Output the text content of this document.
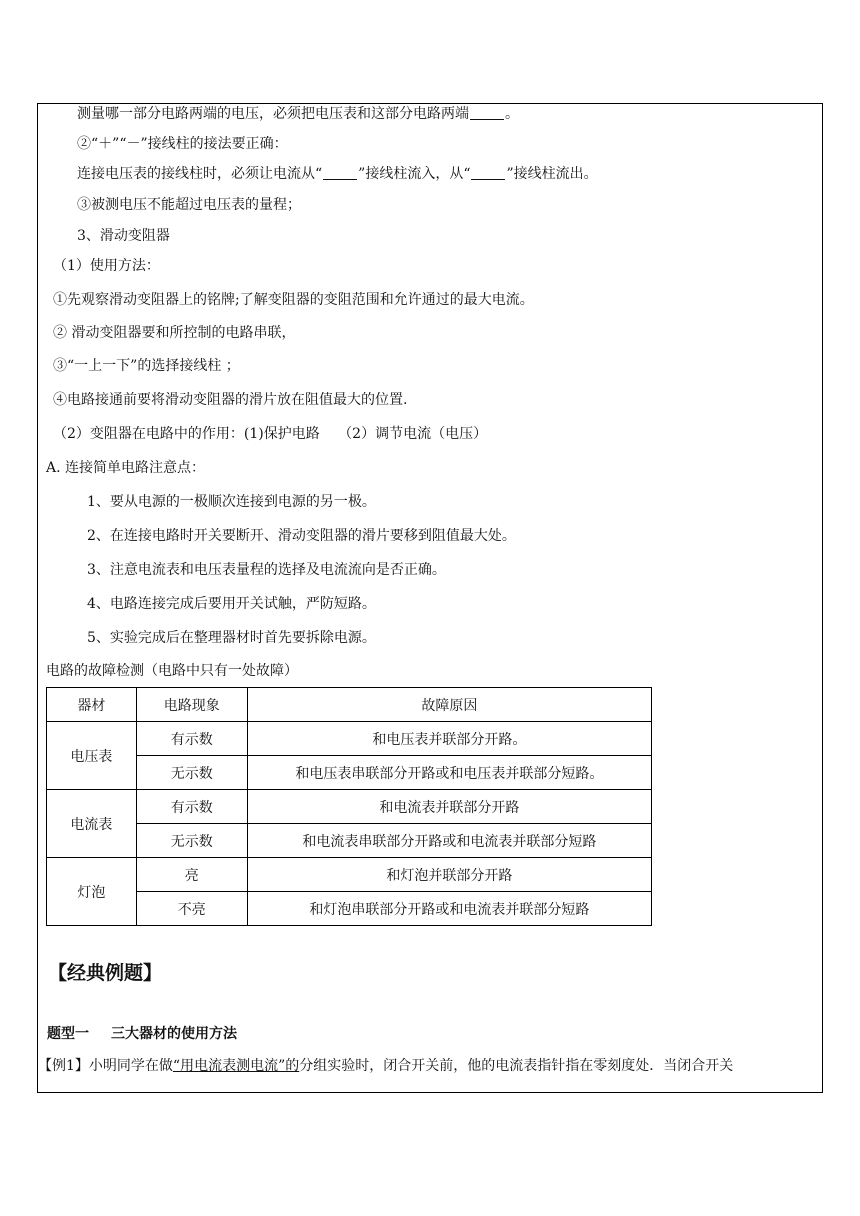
测量哪一部分电路两端的电压，必须把电压表和这部分电路两端	。
②“＋”“－”接线柱的接法要正确：
连接电压表的接线柱时，必须让电流从“	”接线柱流入，从“	”接线柱流出。
③被测电压不能超过电压表的量程；
3、滑动变阻器
（1）使用方法：
①先观察滑动变阻器上的铭牌;了解变阻器的变阻范围和允许通过的最大电流。
② 滑动变阻器要和所控制的电路串联，
③“一上一下”的选择接线柱 ；
④电路接通前要将滑动变阻器的滑片放在阻值最大的位置.
（2）变阻器在电路中的作用：(1)保护电路　 （2）调节电流（电压）
A. 连接简单电路注意点：
1、要从电源的一极顺次连接到电源的另一极。
2、在连接电路时开关要断开、滑动变阻器的滑片要移到阻值最大处。
3、注意电流表和电压表量程的选择及电流流向是否正确。
4、电路连接完成后要用开关试触，严防短路。
5、实验完成后在整理器材时首先要拆除电源。
电路的故障检测（电路中只有一处故障）
器材	电路现象	故障原因
电压表	有示数	和电压表并联部分开路。
	无示数	和电压表串联部分开路或和电压表并联部分短路。
电流表	有示数	和电流表并联部分开路
	无示数	和电流表串联部分开路或和电流表并联部分短路
灯泡	亮	和灯泡并联部分开路
	不亮	和灯泡串联部分开路或和电流表并联部分短路
【经典例题】
题型一 三大器材的使用方法
【例1】小明同学在做“用电流表测电流”的分组实验时，闭合开关前，他的电流表指针指在零刻度处．当闭合开关
